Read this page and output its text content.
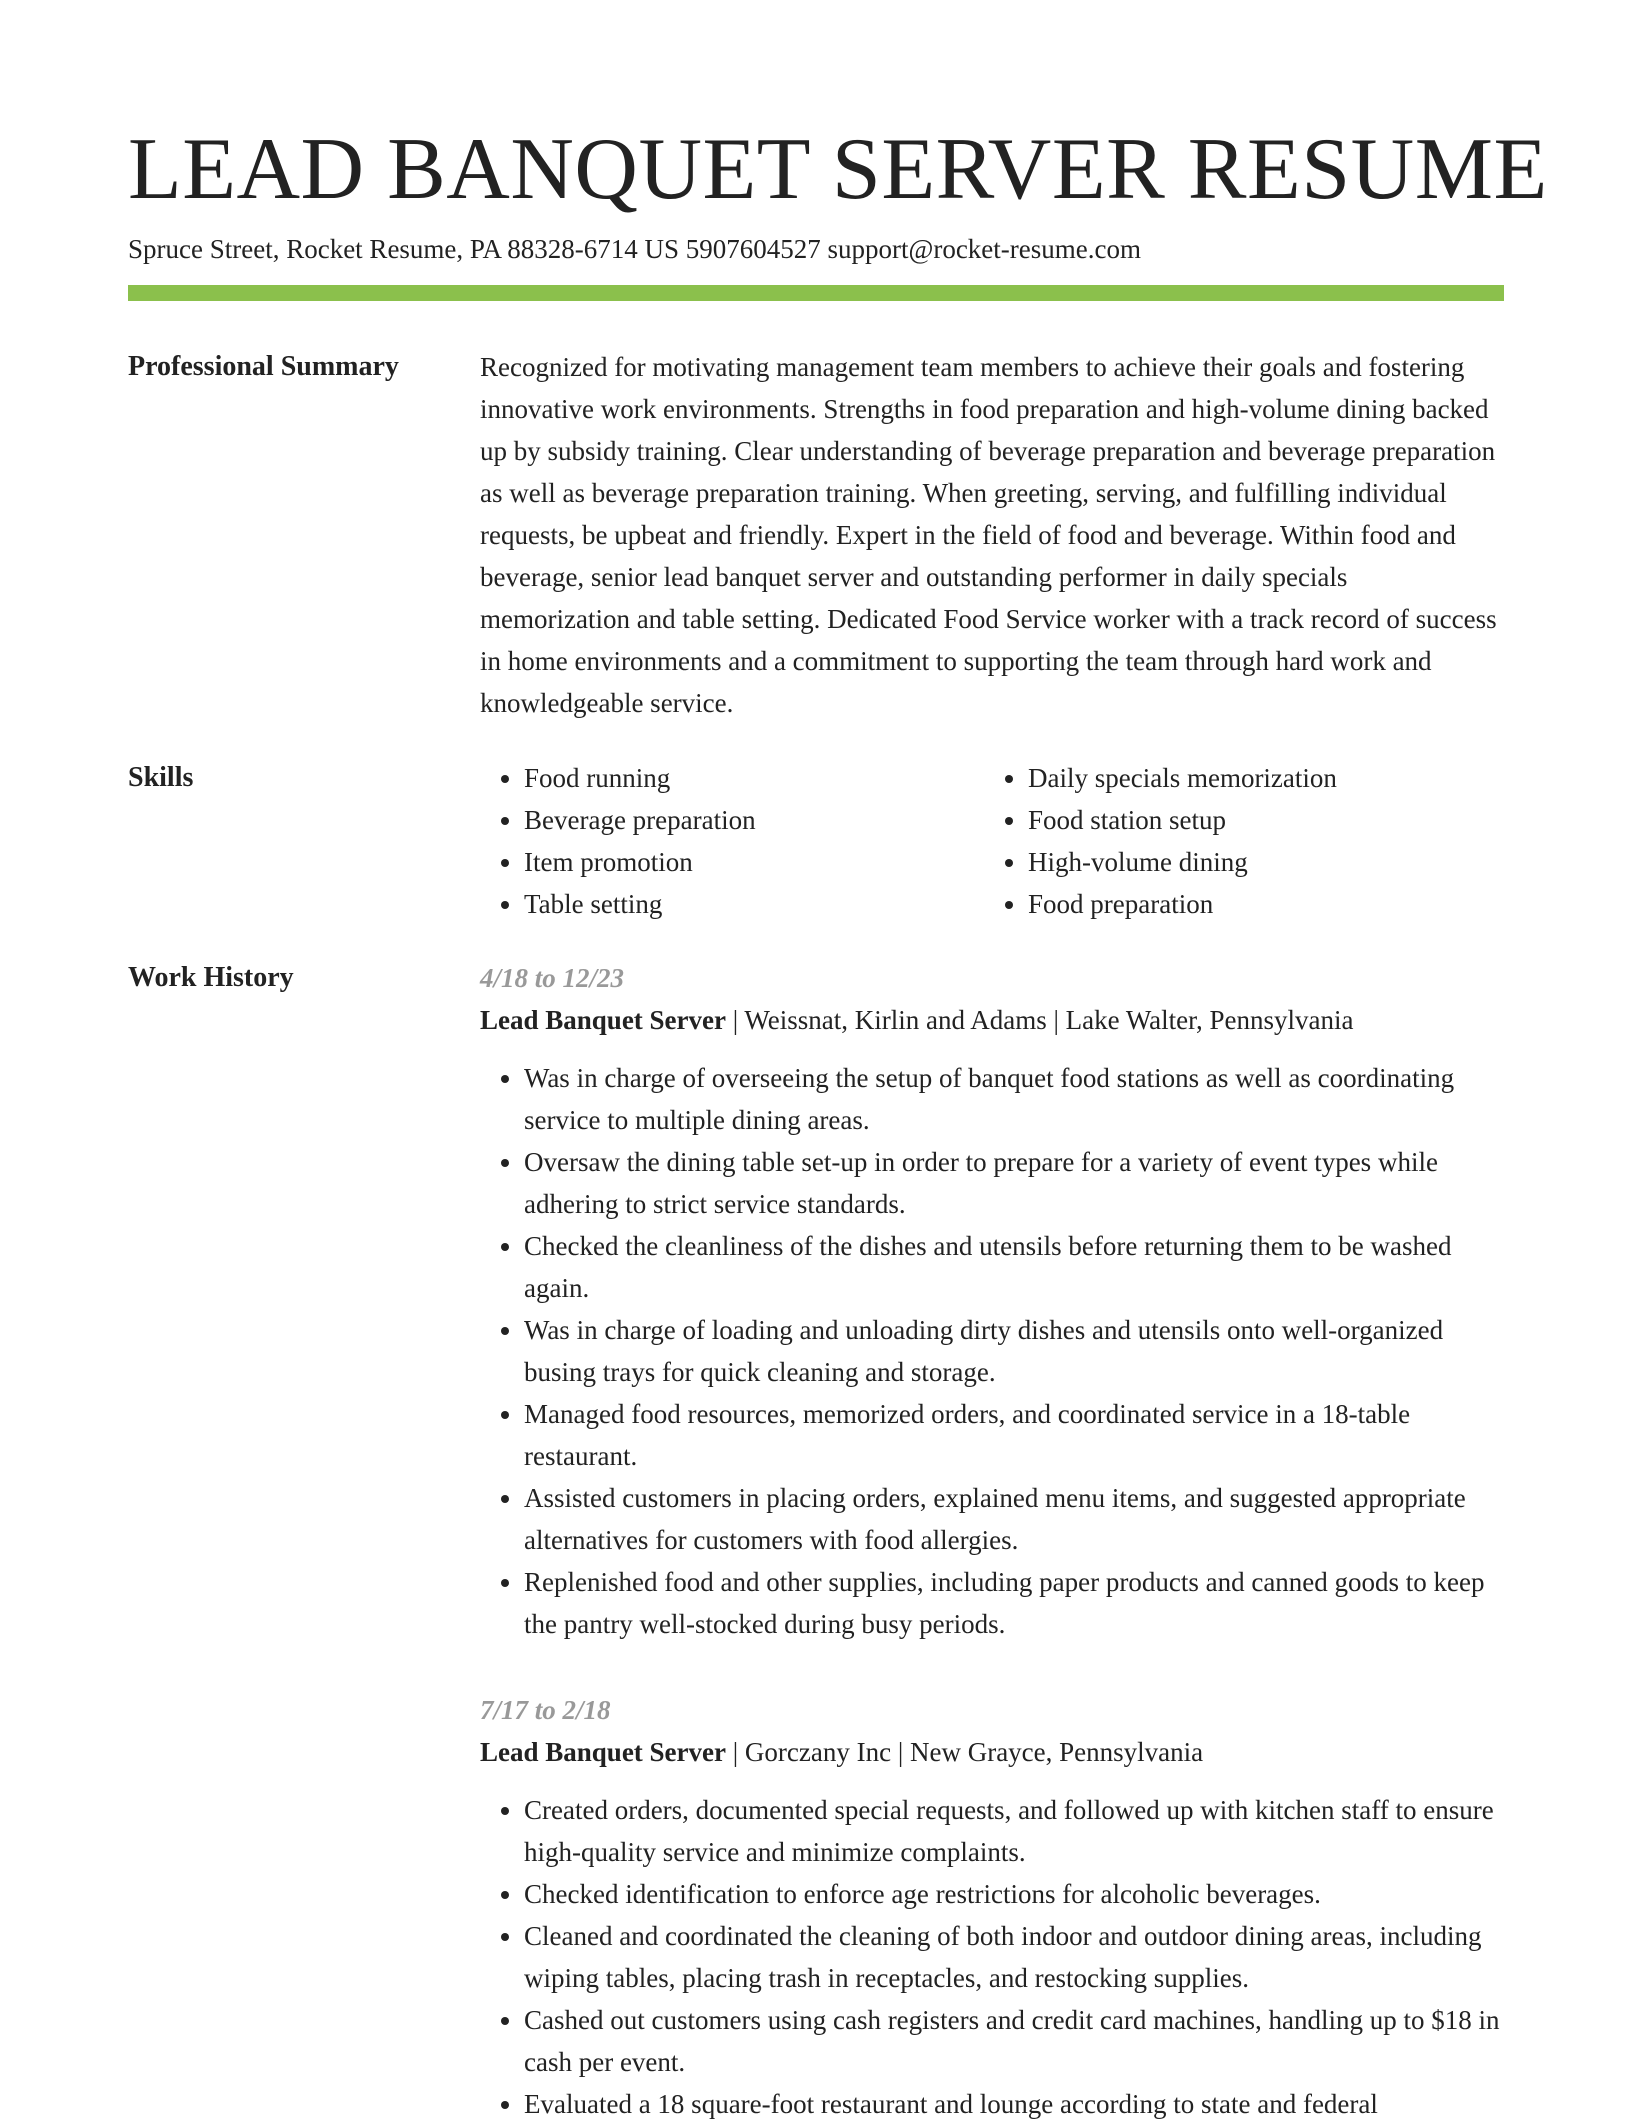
LEAD BANQUET SERVER RESUME
Spruce Street, Rocket Resume, PA 88328-6714 US 5907604527 support@rocket-resume.com
Professional Summary	Recognized for motivating management team members to achieve their goals and fostering innovative work environments. Strengths in food preparation and high-volume dining backed up by subsidy training. Clear understanding of beverage preparation and beverage preparation as well as beverage preparation training. When greeting, serving, and fulfilling individual requests, be upbeat and friendly. Expert in the field of food and beverage. Within food and beverage, senior lead banquet server and outstanding performer in daily specials memorization and table setting. Dedicated Food Service worker with a track record of success in home environments and a commitment to supporting the team through hard work and knowledgeable service.

Skills
•	Food running
• Beverage preparation
• Item promotion
• Table setting
• Daily specials memorization
• Food station setup
• High-volume dining
• Food preparation
Work History	4/18 to 12/23
Lead Banquet Server | Weissnat, Kirlin and Adams | Lake Walter, Pennsylvania
• Was in charge of overseeing the setup of banquet food stations as well as coordinating service to multiple dining areas.
• Oversaw the dining table set-up in order to prepare for a variety of event types while adhering to strict service standards.
• Checked the cleanliness of the dishes and utensils before returning them to be washed again.
• Was in charge of loading and unloading dirty dishes and utensils onto well-organized busing trays for quick cleaning and storage.
• Managed food resources, memorized orders, and coordinated service in a 18-table restaurant.
• Assisted customers in placing orders, explained menu items, and suggested appropriate alternatives for customers with food allergies.
• Replenished food and other supplies, including paper products and canned goods to keep the pantry well-stocked during busy periods.
7/17 to 2/18
Lead Banquet Server | Gorczany Inc | New Grayce, Pennsylvania
• Created orders, documented special requests, and followed up with kitchen staff to ensure high-quality service and minimize complaints.
• Checked identification to enforce age restrictions for alcoholic beverages.
• Cleaned and coordinated the cleaning of both indoor and outdoor dining areas, including wiping tables, placing trash in receptacles, and restocking supplies.
• Cashed out customers using cash registers and credit card machines, handling up to $18 in cash per event.
• Evaluated a 18 square-foot restaurant and lounge according to state and federal
